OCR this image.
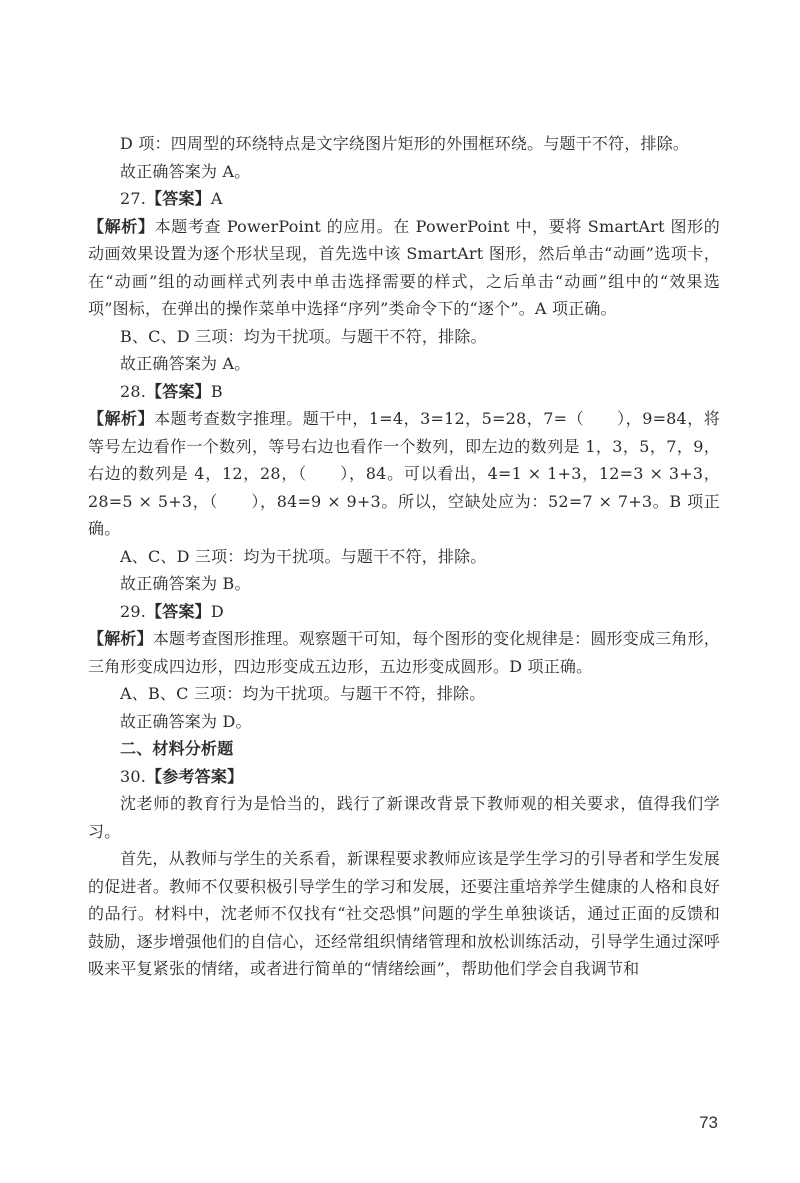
D 项：四周型的环绕特点是文字绕图片矩形的外围框环绕。与题干不符，排除。

故正确答案为 A。

27.【答案】A

【解析】本题考查 PowerPoint 的应用。在 PowerPoint 中，要将 SmartArt 图形的动画效果设置为逐个形状呈现，首先选中该 SmartArt 图形，然后单击“动画”选项卡，在“动画”组的动画样式列表中单击选择需要的样式，之后单击“动画”组中的“效果选项”图标，在弹出的操作菜单中选择“序列”类命令下的“逐个”。A 项正确。

B、C、D 三项：均为干扰项。与题干不符，排除。

故正确答案为 A。

28.【答案】B

【解析】本题考查数字推理。题干中，1=4，3=12，5=28，7=（　　），9=84，将等号左边看作一个数列，等号右边也看作一个数列，即左边的数列是 1，3，5，7，9，右边的数列是 4，12，28，（　　），84。可以看出，4=1 × 1+3，12=3 × 3+3，28=5 × 5+3，（　　），84=9 × 9+3。所以，空缺处应为：52=7 × 7+3。B 项正确。

A、C、D 三项：均为干扰项。与题干不符，排除。

故正确答案为 B。

29.【答案】D

【解析】本题考查图形推理。观察题干可知，每个图形的变化规律是：圆形变成三角形，三角形变成四边形，四边形变成五边形，五边形变成圆形。D 项正确。

A、B、C 三项：均为干扰项。与题干不符，排除。

故正确答案为 D。

二、材料分析题

30.【参考答案】

沈老师的教育行为是恰当的，践行了新课改背景下教师观的相关要求，值得我们学习。

首先，从教师与学生的关系看，新课程要求教师应该是学生学习的引导者和学生发展的促进者。教师不仅要积极引导学生的学习和发展，还要注重培养学生健康的人格和良好的品行。材料中，沈老师不仅找有“社交恐惧”问题的学生单独谈话，通过正面的反馈和鼓励，逐步增强他们的自信心，还经常组织情绪管理和放松训练活动，引导学生通过深呼吸来平复紧张的情绪，或者进行简单的“情绪绘画”，帮助他们学会自我调节和

73
